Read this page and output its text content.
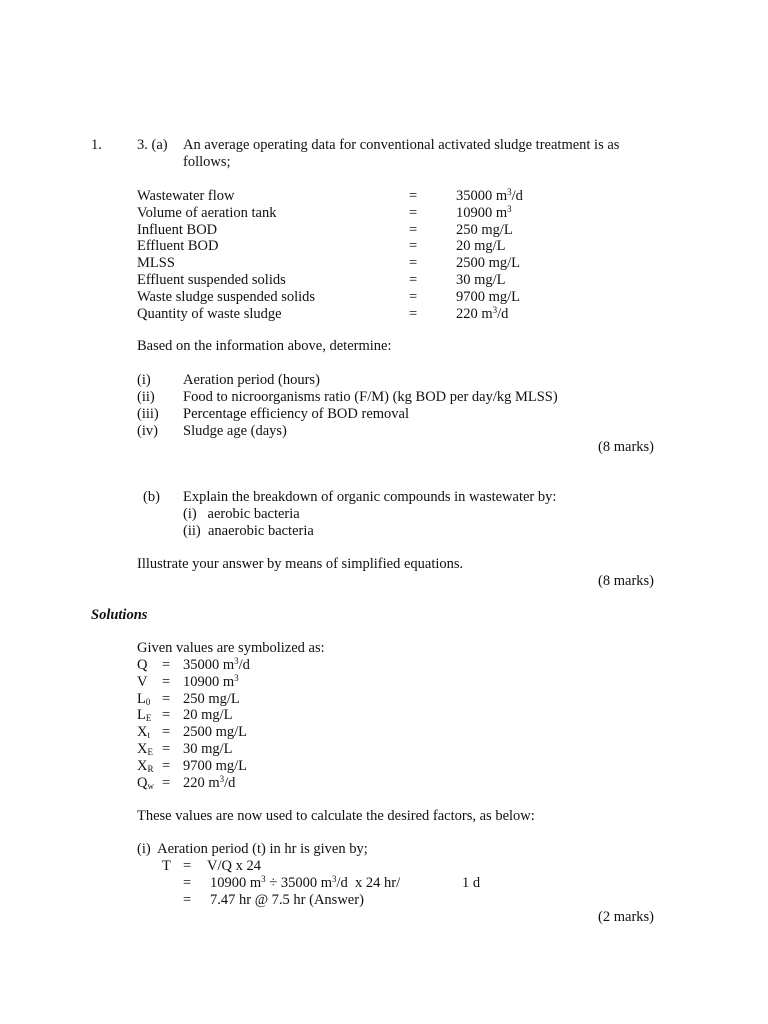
1. 3. (a) An average operating data for conventional activated sludge treatment is as
follows;
Wastewater flow	=	35000 $m^3/d$
Volume of aeration tank	=	10900 $m^3$
Influent BOD	=	250 mg/L
Effluent BOD	=	20 mg/L
MLSS	=	2500 mg/L
Effluent suspended solids	=	30 mg/L
Waste sludge suspended solids	=	9700 mg/L
Quantity of waste sludge	=	220 $m^3/d$
Based on the information above, determine:
(i) Aeration period (hours)
(ii) Food to nicroorganisms ratio (F/M) (kg BOD per day/kg MLSS)
(iii) Percentage efficiency of BOD removal
(iv) Sludge age (days)
(8 marks)
(b) Explain the breakdown of organic compounds in wastewater by:
(i)   aerobic bacteria
(ii)  anaerobic bacteria
Illustrate your answer by means of simplified equations.
(8 marks)
Solutions
Given values are symbolized as:
Q = 35000 $m^3/d$
V = 10900 $m^3$
$L_0 = 250$ mg/L
$L_E = 20$ mg/L
$X_t = 2500$ mg/L
$X_E = 30$ mg/L
$X_R = 9700$ mg/L
$Q_w = 220$ $m^3/d$
These values are now used to calculate the desired factors, as below:
(i)  Aeration period (t) in hr is given by;
T = V/Q x 24
= 10900 $m^3 \div 35000$ $m^3/d$  x 24 hr/	1 d
= 7.47 hr @ 7.5 hr (Answer)
(2 marks)
